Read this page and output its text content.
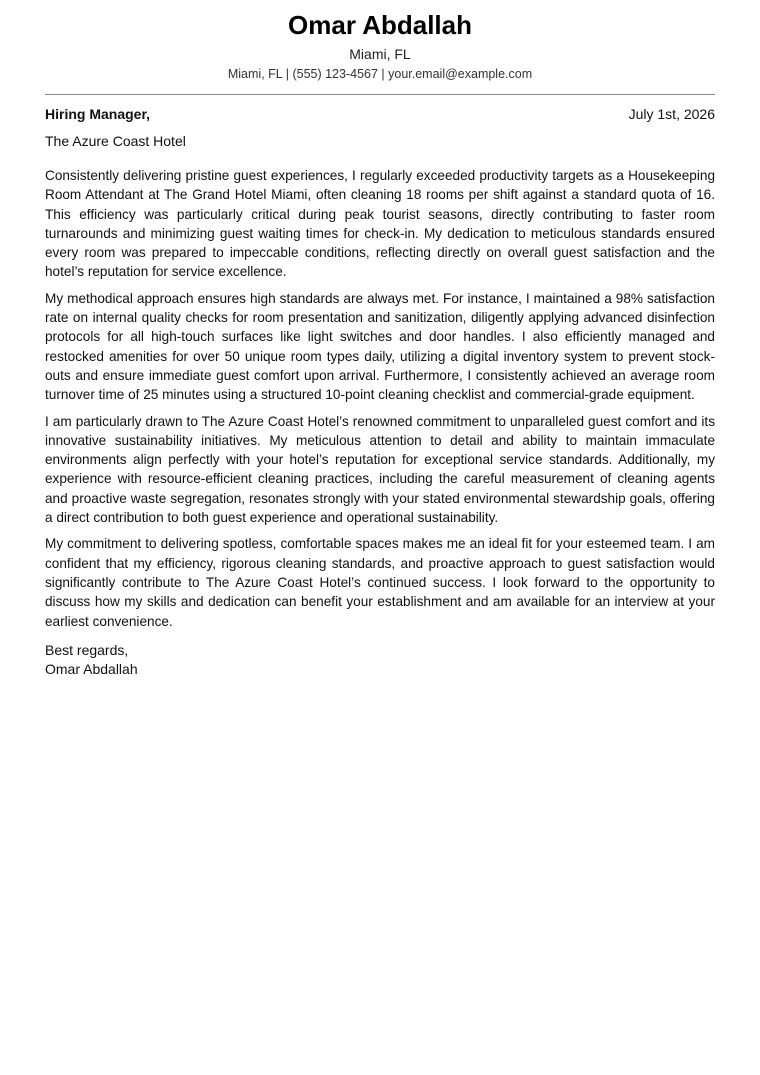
Omar Abdallah
Miami, FL
Miami, FL | (555) 123-4567 | your.email@example.com
Hiring Manager,	July 1st, 2026
The Azure Coast Hotel

Consistently delivering pristine guest experiences, I regularly exceeded productivity targets as a Housekeeping Room Attendant at The Grand Hotel Miami, often cleaning 18 rooms per shift against a standard quota of 16. This efficiency was particularly critical during peak tourist seasons, directly contributing to faster room turnarounds and minimizing guest waiting times for check-in. My dedication to meticulous standards ensured every room was prepared to impeccable conditions, reflecting directly on overall guest satisfaction and the hotel’s reputation for service excellence.

My methodical approach ensures high standards are always met. For instance, I maintained a 98% satisfaction rate on internal quality checks for room presentation and sanitization, diligently applying advanced disinfection protocols for all high-touch surfaces like light switches and door handles. I also efficiently managed and restocked amenities for over 50 unique room types daily, utilizing a digital inventory system to prevent stock-outs and ensure immediate guest comfort upon arrival. Furthermore, I consistently achieved an average room turnover time of 25 minutes using a structured 10-point cleaning checklist and commercial-grade equipment.

I am particularly drawn to The Azure Coast Hotel’s renowned commitment to unparalleled guest comfort and its innovative sustainability initiatives. My meticulous attention to detail and ability to maintain immaculate environments align perfectly with your hotel’s reputation for exceptional service standards. Additionally, my experience with resource-efficient cleaning practices, including the careful measurement of cleaning agents and proactive waste segregation, resonates strongly with your stated environmental stewardship goals, offering a direct contribution to both guest experience and operational sustainability.

My commitment to delivering spotless, comfortable spaces makes me an ideal fit for your esteemed team. I am confident that my efficiency, rigorous cleaning standards, and proactive approach to guest satisfaction would significantly contribute to The Azure Coast Hotel’s continued success. I look forward to the opportunity to discuss how my skills and dedication can benefit your establishment and am available for an interview at your earliest convenience.

Best regards,
Omar Abdallah
